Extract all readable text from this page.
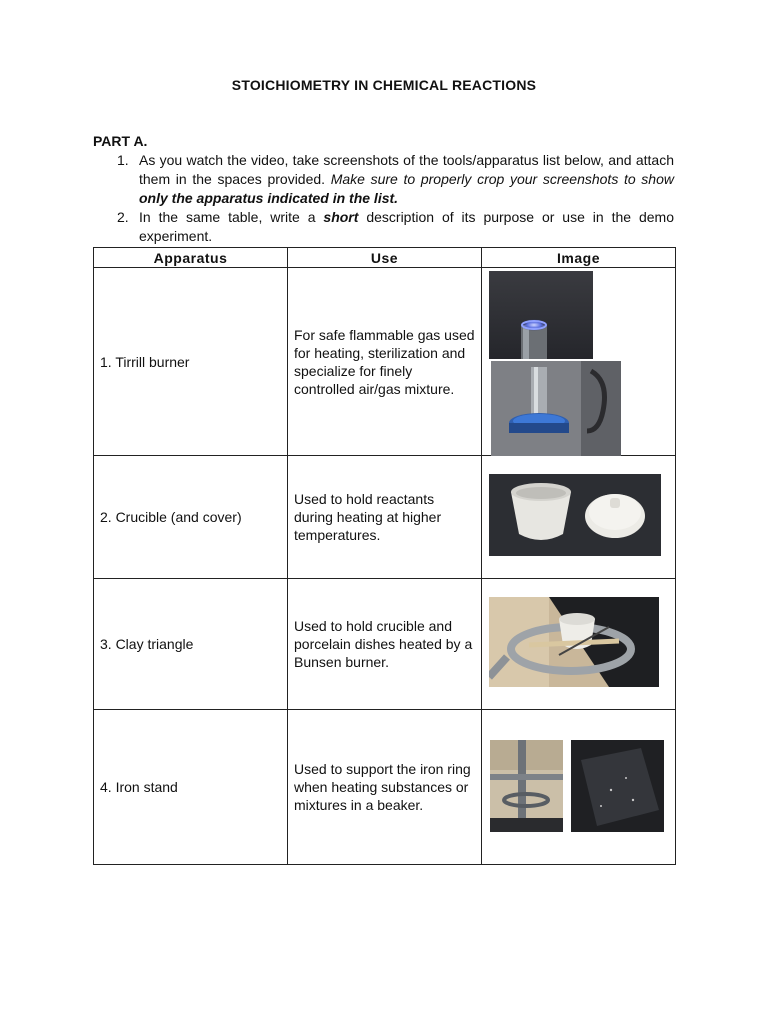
STOICHIOMETRY IN CHEMICAL REACTIONS
PART A.
1. As you watch the video, take screenshots of the tools/apparatus list below, and attach them in the spaces provided. Make sure to properly crop your screenshots to show only the apparatus indicated in the list.
2. In the same table, write a short description of its purpose or use in the demo experiment.
Apparatus	Use	Image
1. Tirrill burner	For safe flammable gas used for heating, sterilization and specialize for finely controlled air/gas mixture.	

2. Crucible (and cover)	Used to hold reactants during heating at higher temperatures.	

3. Clay triangle	Used to hold crucible and porcelain dishes heated by a Bunsen burner.	

4. Iron stand	Used to support the iron ring when heating substances or mixtures in a beaker.	
